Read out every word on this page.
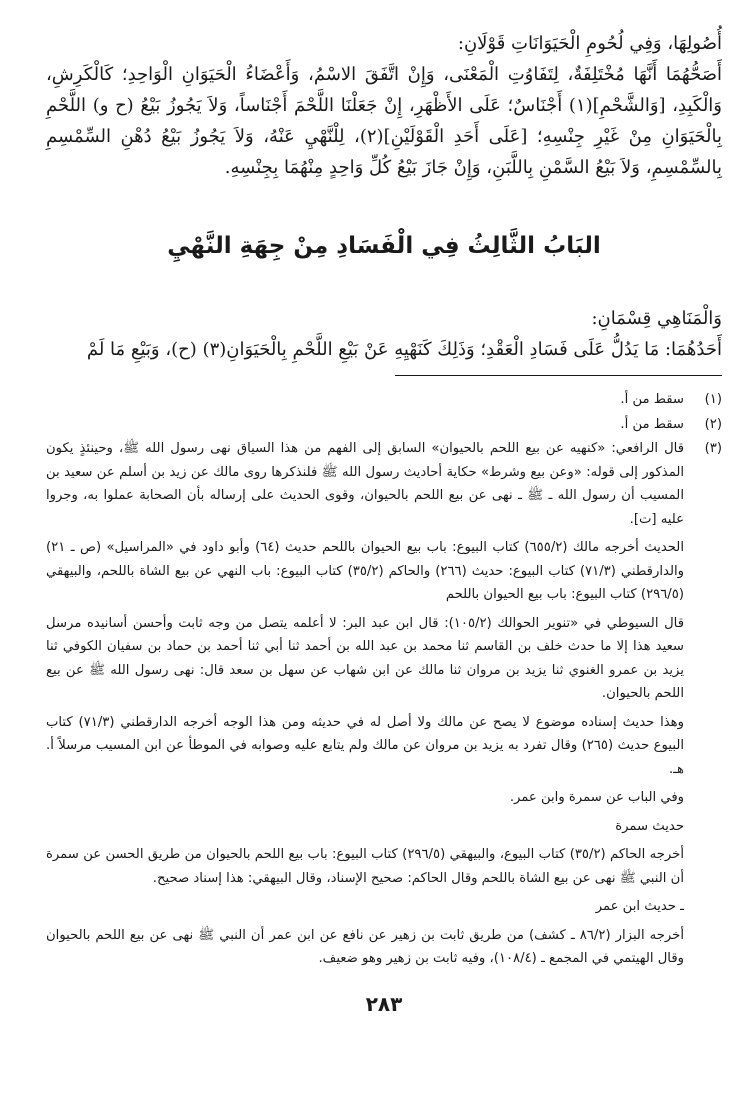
أُصُولِهَا، وَفِي لُحُومِ الْحَيَوَانَاتِ قَوْلَانِ:

أَصَحُّهُمَا أَنَّهَا مُخْتَلِفَةٌ، لِتَفَاوُتِ الْمَعْنَى، وَإِنْ اتَّفَقَ الاسْمُ، وَأَعْضَاءُ الْحَيَوَانِ الْوَاحِدِ؛ كَالْكَرِشِ، وَالْكَبِدِ، [وَالشَّحْمِ](١) أَجْنَاسٌ؛ عَلَى الأَظْهَرِ، إِنْ جَعَلْنَا اللَّحْمَ أَجْنَاساً، وَلاَ يَجُوزُ بَيْعُ (ح و) اللَّحْمِ بِالْحَيَوَانِ مِنْ غَيْرِ جِنْسِهِ؛ [عَلَى أَحَدِ الْقَوْلَيْنِ](٢)، لِلْنَّهْيِ عَنْهُ، وَلاَ يَجُوزُ بَيْعُ دُهْنِ السِّمْسِمِ بِالسِّمْسِمِ، وَلاَ بَيْعُ السَّمْنِ بِاللَّبَنِ، وَإِنْ جَازَ بَيْعُ كُلِّ وَاحِدٍ مِنْهُمَا بِجِنْسِهِ.

البَابُ الثَّالِثُ فِي الْفَسَادِ مِنْ جِهَةِ النَّهْيِ

وَالْمَنَاهِي قِسْمَانِ:

أَحَدُهُمَا: مَا يَدُلُّ عَلَى فَسَادِ الْعَقْدِ؛ وَذَلِكَ كَنَهْيِهِ عَنْ بَيْعِ اللَّحْمِ بِالْحَيَوَانِ(٣) (ح)، وَبَيْعِ مَا لَمْ

(١)

سقط من أ.

(٢)

سقط من أ.

(٣)

قال الرافعي: «كنهيه عن بيع اللحم بالحيوان» السابق إلى الفهم من هذا السياق نهى رسول الله ﷺ، وحينئذٍ يكون المذكور إلى قوله: «وعن بيع وشرط» حكاية أحاديث رسول الله ﷺ فلنذكرها روى مالك عن زيد بن أسلم عن سعيد بن المسيب أن رسول الله ـ ﷺ ـ نهى عن بيع اللحم بالحيوان، وقوى الحديث على إرساله بأن الصحابة عملوا به، وجروا عليه [ت].

الحديث أخرجه مالك (٦٥٥/٢) كتاب البيوع: باب بيع الحيوان باللحم حديث (٦٤) وأبو داود في «المراسيل» (ص ـ ٢١) والدارقطني (٧١/٣) كتاب البيوع: حديث (٢٦٦) والحاكم (٣٥/٢) كتاب البيوع: باب النهي عن بيع الشاة باللحم، والبيهقي (٢٩٦/٥) كتاب البيوع: باب بيع الحيوان باللحم

قال السيوطي في «تنوير الحوالك (١٠٥/٢): قال ابن عبد البر: لا أعلمه يتصل من وجه ثابت وأحسن أسانيده مرسل سعيد هذا إلا ما حدث خلف بن القاسم ثنا محمد بن عبد الله بن أحمد ثنا أبي ثنا أحمد بن حماد بن سفيان الكوفي ثنا يزيد بن عمرو الغنوي ثنا يزيد بن مروان ثنا مالك عن ابن شهاب عن سهل بن سعد قال: نهى رسول الله ﷺ عن بيع اللحم بالحيوان.

وهذا حديث إسناده موضوع لا يصح عن مالك ولا أصل له في حديثه ومن هذا الوجه أخرجه الدارقطني (٧١/٣) كتاب البيوع حديث (٢٦٥) وقال تفرد به يزيد بن مروان عن مالك ولم يتابع عليه وصوابه في الموطأ عن ابن المسيب مرسلاً أ. هـ.

وفي الباب عن سمرة وابن عمر.

حديث سمرة

أخرجه الحاكم (٣٥/٢) كتاب البيوع، والبيهقي (٢٩٦/٥) كتاب البيوع: باب بيع اللحم بالحيوان من طريق الحسن عن سمرة أن النبي ﷺ نهى عن بيع الشاة باللحم وقال الحاكم: صحيح الإسناد، وقال البيهقي: هذا إسناد صحيح.

ـ حديث ابن عمر

أخرجه البزار (٨٦/٢ ـ كشف) من طريق ثابت بن زهير عن نافع عن ابن عمر أن النبي ﷺ نهى عن بيع اللحم بالحيوان وقال الهيتمي في المجمع ـ (١٠٨/٤)، وفيه ثابت بن زهير وهو ضعيف.

٢٨٣
